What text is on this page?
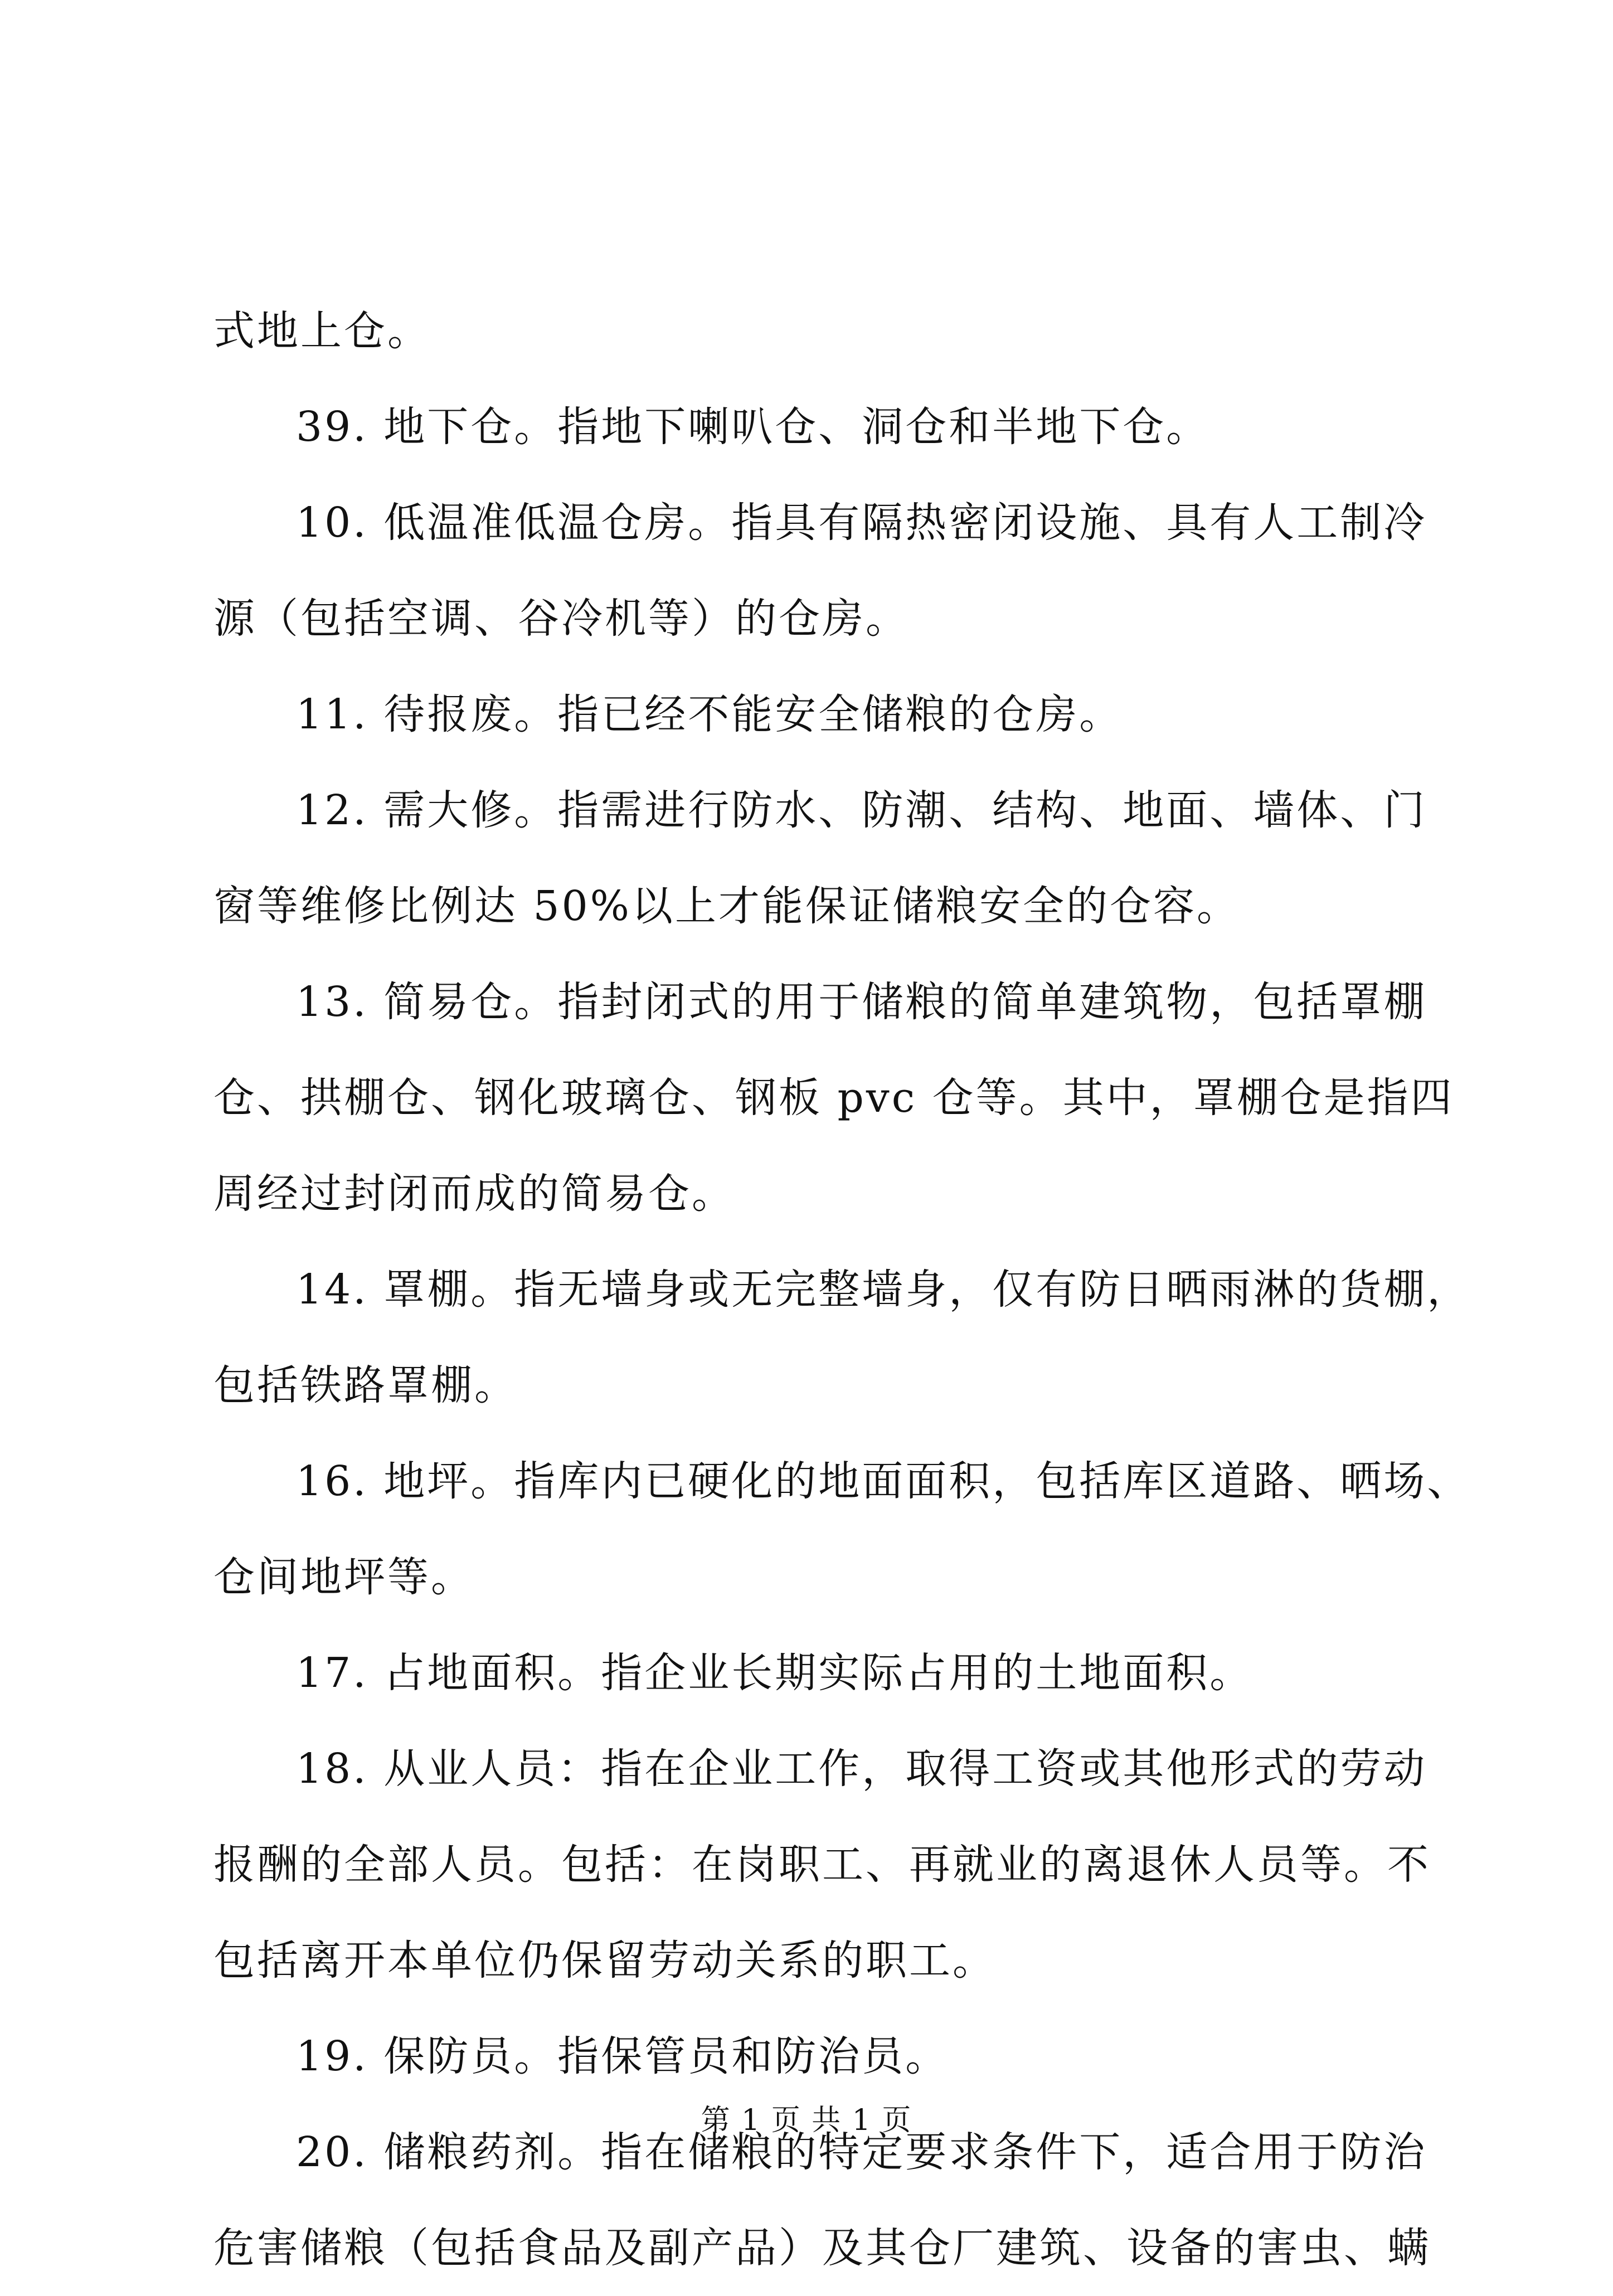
式地上仓。
39. 地下仓。指地下喇叭仓、洞仓和半地下仓。
10. 低温准低温仓房。指具有隔热密闭设施、具有人工制冷
源（包括空调、谷冷机等）的仓房。
11. 待报废。指已经不能安全储粮的仓房。
12. 需大修。指需进行防水、防潮、结构、地面、墙体、门
窗等维修比例达 50%以上才能保证储粮安全的仓容。
13. 简易仓。指封闭式的用于储粮的简单建筑物，包括罩棚
仓、拱棚仓、钢化玻璃仓、钢板 pvc 仓等。其中，罩棚仓是指四
周经过封闭而成的简易仓。
14. 罩棚。指无墙身或无完整墙身，仅有防日晒雨淋的货棚，
包括铁路罩棚。
16. 地坪。指库内已硬化的地面面积，包括库区道路、晒场、
仓间地坪等。
17. 占地面积。指企业长期实际占用的土地面积。
18. 从业人员：指在企业工作，取得工资或其他形式的劳动
报酬的全部人员。包括：在岗职工、再就业的离退休人员等。不
包括离开本单位仍保留劳动关系的职工。
19. 保防员。指保管员和防治员。
20. 储粮药剂。指在储粮的特定要求条件下，适合用于防治
危害储粮（包括食品及副产品）及其仓厂建筑、设备的害虫、螨
第 1 页 共 1 页
